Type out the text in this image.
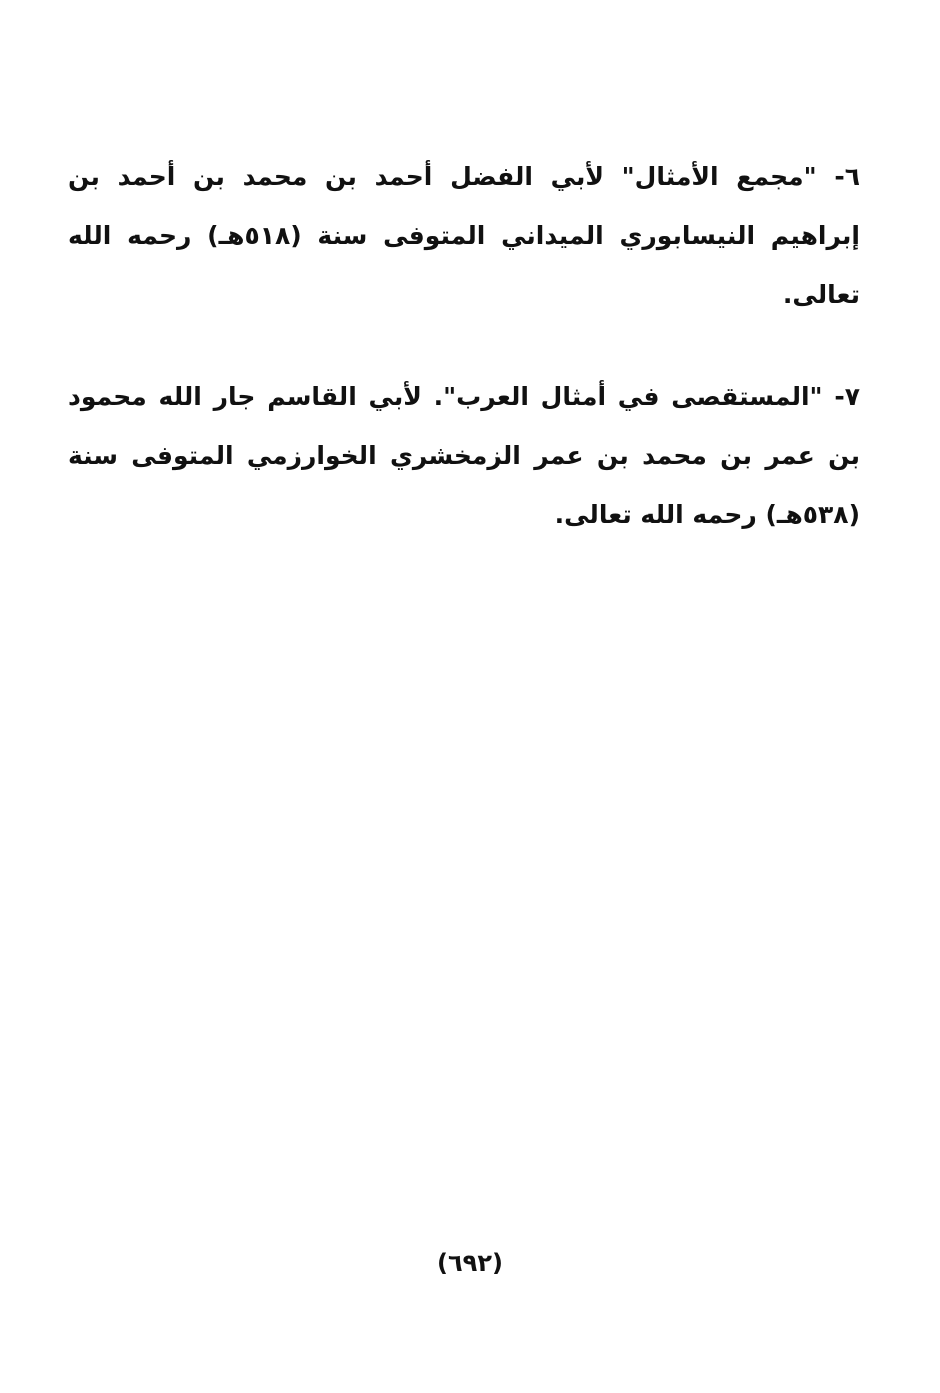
٦- "مجمع الأمثال" لأبي الفضل أحمد بن محمد بن أحمد بن إبراهيم النيسابوري الميداني المتوفى سنة (٥١٨هـ) رحمه الله تعالى.

٧- "المستقصى في أمثال العرب". لأبي القاسم جار الله محمود بن عمر بن محمد بن عمر الزمخشري الخوارزمي المتوفى سنة (٥٣٨هـ) رحمه الله تعالى.

(٦٩٢)
